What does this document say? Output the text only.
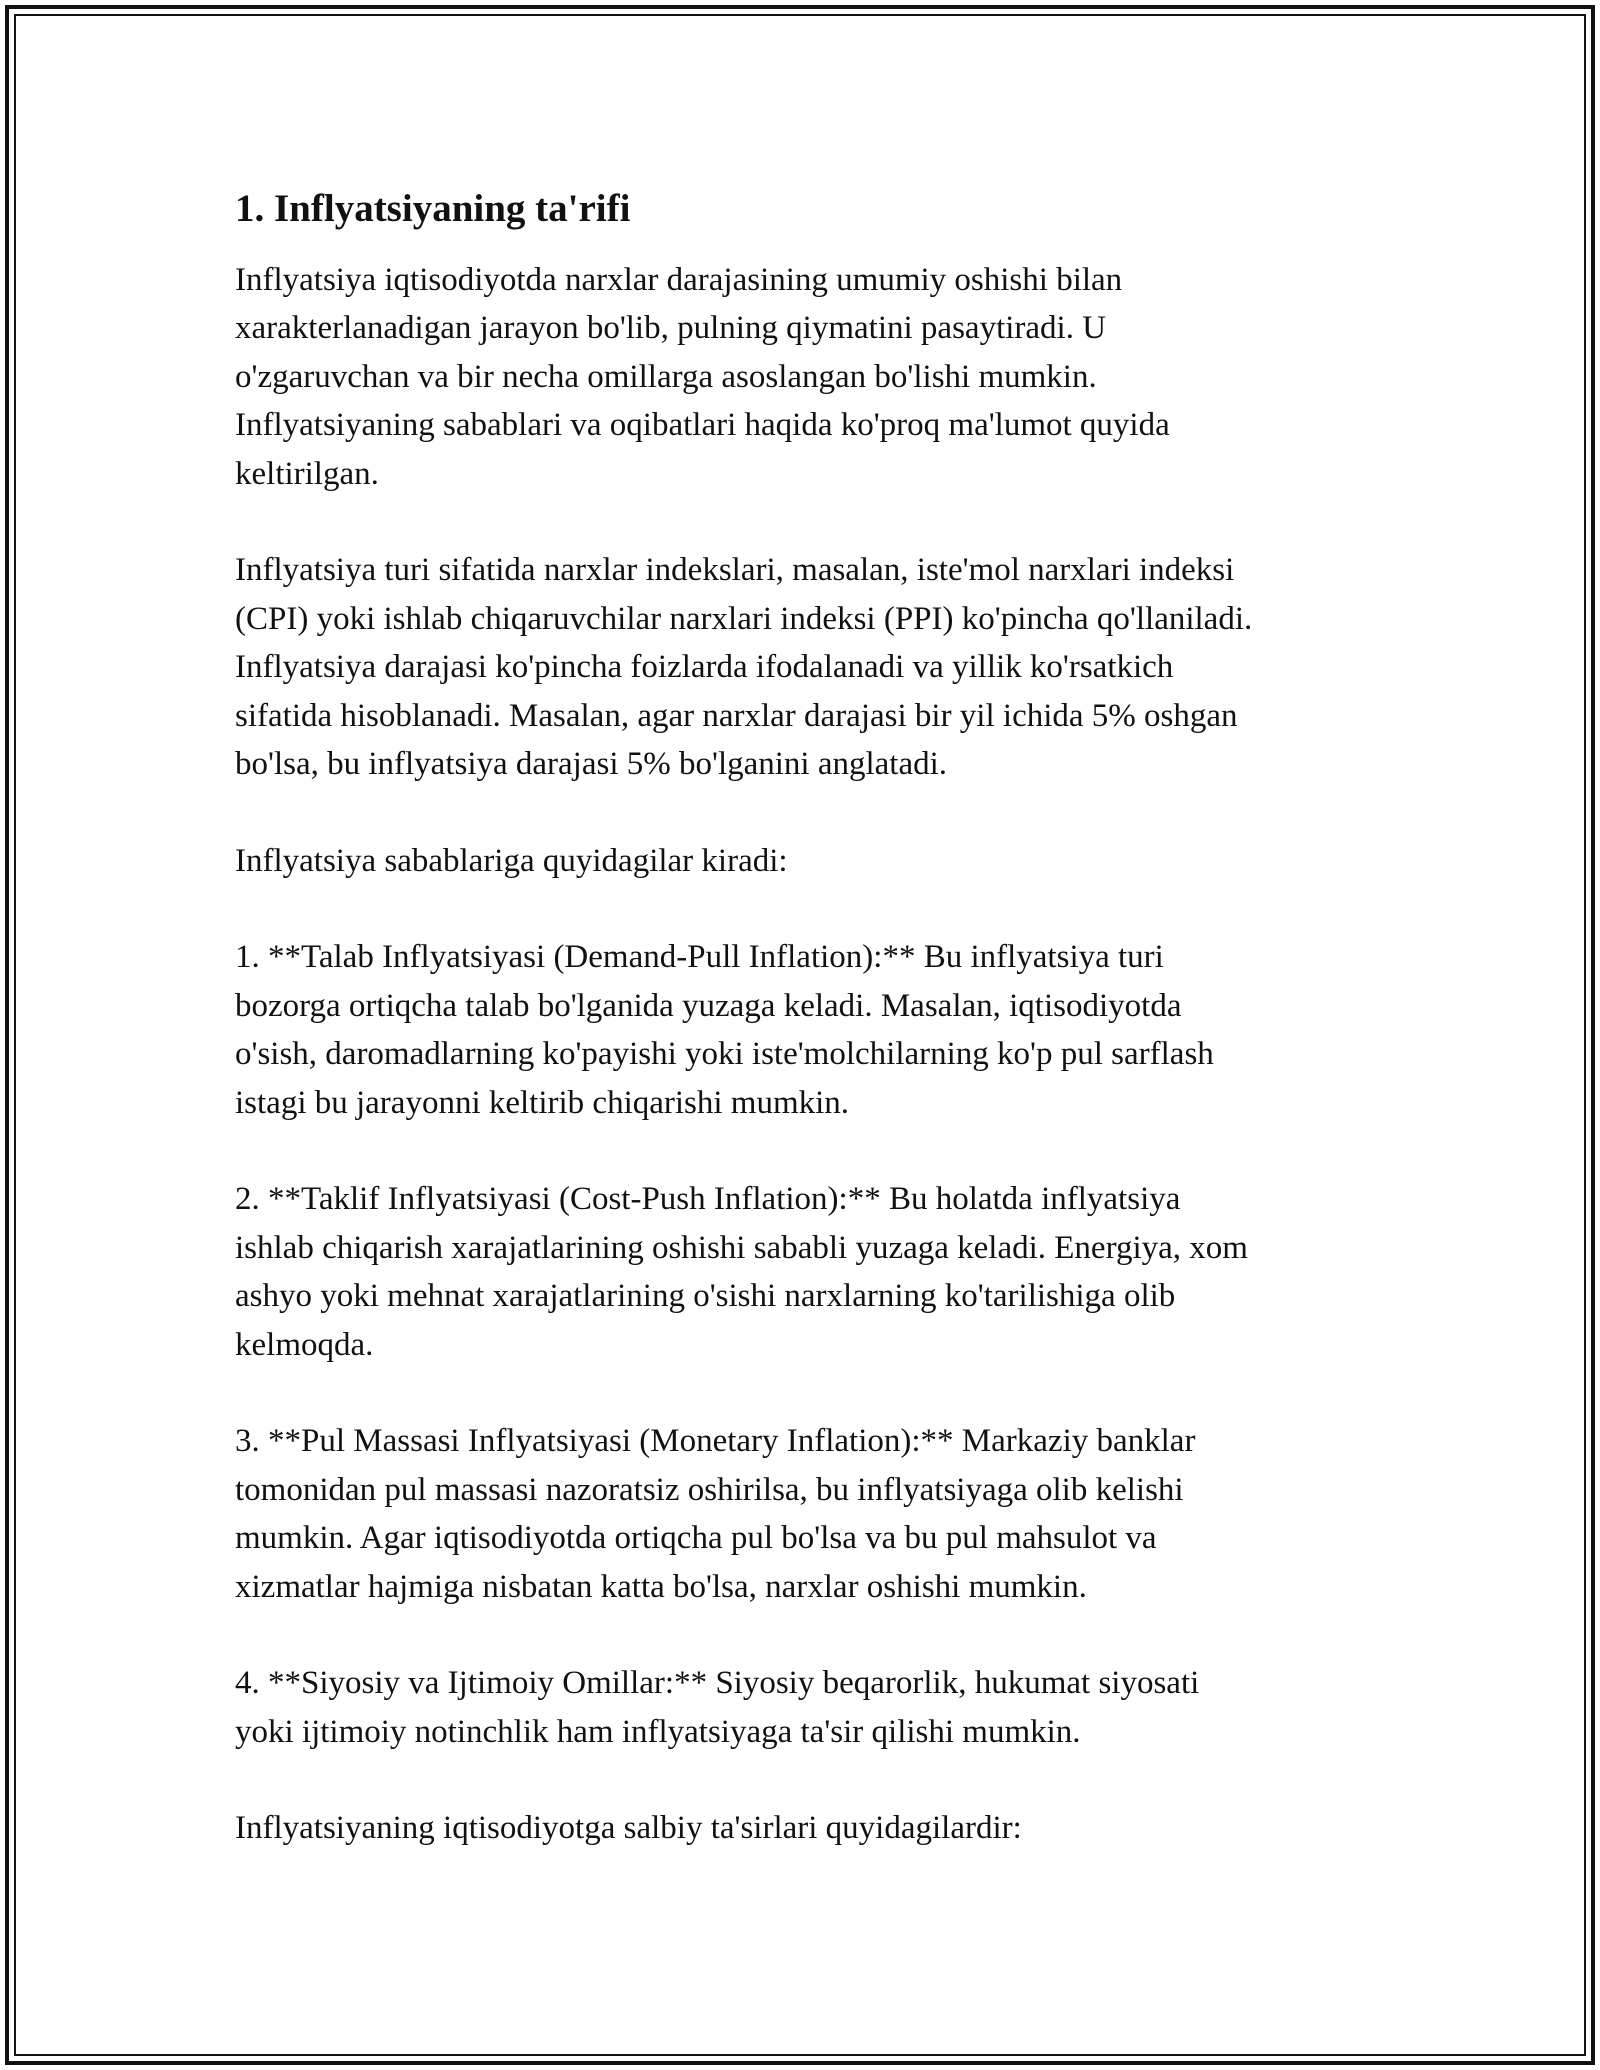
1. Inflyatsiyaning ta'rifi

Inflyatsiya iqtisodiyotda narxlar darajasining umumiy oshishi bilan
xarakterlanadigan jarayon bo'lib, pulning qiymatini pasaytiradi. U
o'zgaruvchan va bir necha omillarga asoslangan bo'lishi mumkin.
Inflyatsiyaning sabablari va oqibatlari haqida ko'proq ma'lumot quyida
keltirilgan.

Inflyatsiya turi sifatida narxlar indekslari, masalan, iste'mol narxlari indeksi
(CPI) yoki ishlab chiqaruvchilar narxlari indeksi (PPI) ko'pincha qo'llaniladi.
Inflyatsiya darajasi ko'pincha foizlarda ifodalanadi va yillik ko'rsatkich
sifatida hisoblanadi. Masalan, agar narxlar darajasi bir yil ichida 5% oshgan
bo'lsa, bu inflyatsiya darajasi 5% bo'lganini anglatadi.

Inflyatsiya sabablariga quyidagilar kiradi:

1. **Talab Inflyatsiyasi (Demand-Pull Inflation):** Bu inflyatsiya turi
bozorga ortiqcha talab bo'lganida yuzaga keladi. Masalan, iqtisodiyotda
o'sish, daromadlarning ko'payishi yoki iste'molchilarning ko'p pul sarflash
istagi bu jarayonni keltirib chiqarishi mumkin.

2. **Taklif Inflyatsiyasi (Cost-Push Inflation):** Bu holatda inflyatsiya
ishlab chiqarish xarajatlarining oshishi sababli yuzaga keladi. Energiya, xom
ashyo yoki mehnat xarajatlarining o'sishi narxlarning ko'tarilishiga olib
kelmoqda.

3. **Pul Massasi Inflyatsiyasi (Monetary Inflation):** Markaziy banklar
tomonidan pul massasi nazoratsiz oshirilsa, bu inflyatsiyaga olib kelishi
mumkin. Agar iqtisodiyotda ortiqcha pul bo'lsa va bu pul mahsulot va
xizmatlar hajmiga nisbatan katta bo'lsa, narxlar oshishi mumkin.

4. **Siyosiy va Ijtimoiy Omillar:** Siyosiy beqarorlik, hukumat siyosati
yoki ijtimoiy notinchlik ham inflyatsiyaga ta'sir qilishi mumkin.

Inflyatsiyaning iqtisodiyotga salbiy ta'sirlari quyidagilardir:
